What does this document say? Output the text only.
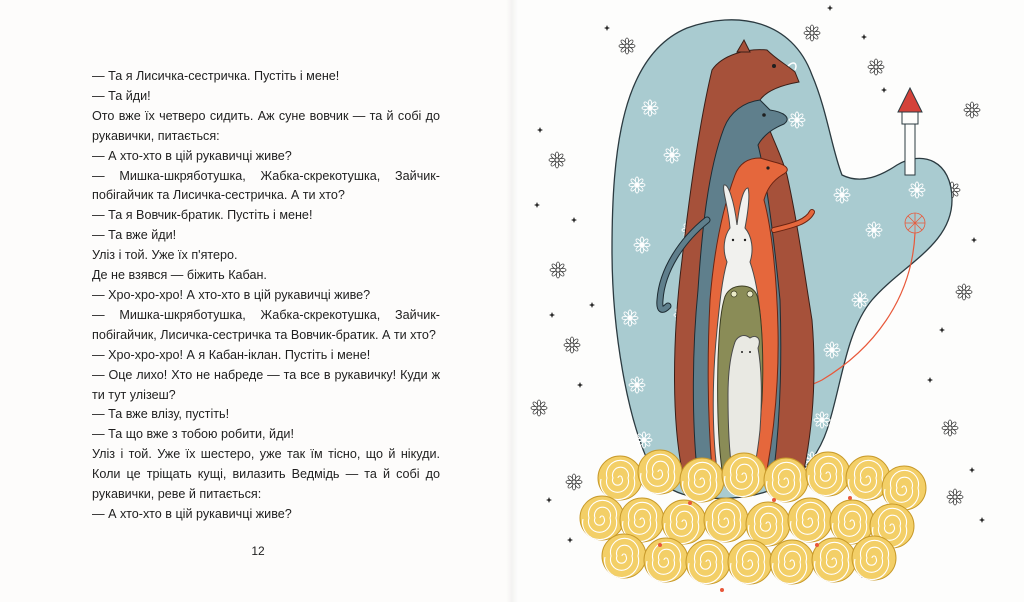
— Та я Лисичка-сестричка. Пустіть і мене!

— Та йди!

Ото вже їх четверо сидить. Аж суне вовчик — та й собі до рукавички, питається:

— А хто-хто в цій рукавичці живе?

— Мишка-шкряботушка, Жабка-скрекотушка, Зайчик-побігайчик та Лисичка-сестричка. А ти хто?

— Та я Вовчик-братик. Пустіть і мене!

— Та вже йди!

Уліз і той. Уже їх п'ятеро.

Де не взявся — біжить Кабан.

— Хро-хро-хро! А хто-хто в цій рукавичці живе?

— Мишка-шкряботушка, Жабка-скрекотушка, Зайчик-побігайчик, Лисичка-сестричка та Вовчик-братик. А ти хто?

— Хро-хро-хро! А я Кабан-іклан. Пустіть і мене!

— Оце лихо! Хто не набреде — та все в рукавичку! Куди ж ти тут улізеш?

— Та вже влізу, пустіть!

— Та що вже з тобою робити, йди!

Уліз і той. Уже їх шестеро, уже так їм тісно, що й нікуди. Коли це тріщать кущі, вилазить Ведмідь — та й собі до рукавички, реве й питається:

— А хто-хто в цій рукавичці живе?

12
